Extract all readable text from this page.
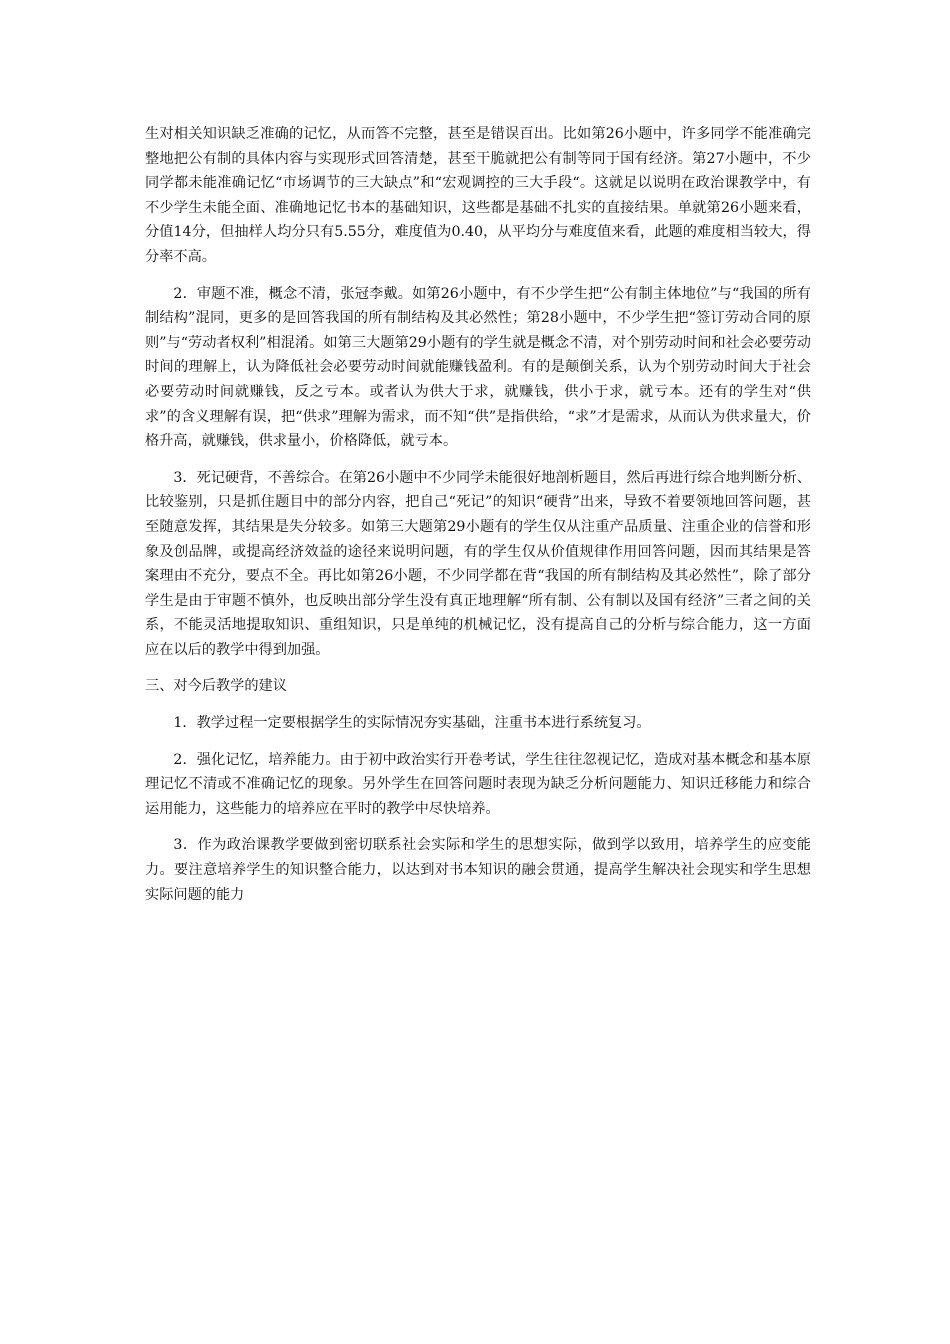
生对相关知识缺乏准确的记忆，从而答不完整，甚至是错误百出。比如第26小题中，许多同学不能准确完整地把公有制的具体内容与实现形式回答清楚，甚至干脆就把公有制等同于国有经济。第27小题中，不少同学都未能准确记忆“市场调节的三大缺点”和“宏观调控的三大手段“。这就足以说明在政治课教学中，有不少学生未能全面、准确地记忆书本的基础知识，这些都是基础不扎实的直接结果。单就第26小题来看，分值14分，但抽样人均分只有5.55分，难度值为0.40，从平均分与难度值来看，此题的难度相当较大，得分率不高。

2．审题不准，概念不清，张冠李戴。如第26小题中，有不少学生把“公有制主体地位”与“我国的所有制结构”混同，更多的是回答我国的所有制结构及其必然性；第28小题中，不少学生把“签订劳动合同的原则”与“劳动者权利”相混淆。如第三大题第29小题有的学生就是概念不清，对个别劳动时间和社会必要劳动时间的理解上，认为降低社会必要劳动时间就能赚钱盈利。有的是颠倒关系，认为个别劳动时间大于社会必要劳动时间就赚钱，反之亏本。或者认为供大于求，就赚钱，供小于求，就亏本。还有的学生对“供求”的含义理解有误，把“供求”理解为需求，而不知“供”是指供给，“求”才是需求，从而认为供求量大，价格升高，就赚钱，供求量小，价格降低，就亏本。

3．死记硬背，不善综合。在第26小题中不少同学未能很好地剖析题目，然后再进行综合地判断分析、比较鉴别，只是抓住题目中的部分内容，把自己“死记”的知识“硬背”出来，导致不着要领地回答问题，甚至随意发挥，其结果是失分较多。如第三大题第29小题有的学生仅从注重产品质量、注重企业的信誉和形象及创品牌，或提高经济效益的途径来说明问题，有的学生仅从价值规律作用回答问题，因而其结果是答案理由不充分，要点不全。再比如第26小题，不少同学都在背“我国的所有制结构及其必然性”，除了部分学生是由于审题不慎外，也反映出部分学生没有真正地理解“所有制、公有制以及国有经济”三者之间的关系，不能灵活地提取知识、重组知识，只是单纯的机械记忆，没有提高自己的分析与综合能力，这一方面应在以后的教学中得到加强。

三、对今后教学的建议

1．教学过程一定要根据学生的实际情况夯实基础，注重书本进行系统复习。

2．强化记忆，培养能力。由于初中政治实行开卷考试，学生往往忽视记忆，造成对基本概念和基本原理记忆不清或不准确记忆的现象。另外学生在回答问题时表现为缺乏分析问题能力、知识迁移能力和综合运用能力，这些能力的培养应在平时的教学中尽快培养。

3．作为政治课教学要做到密切联系社会实际和学生的思想实际，做到学以致用，培养学生的应变能力。要注意培养学生的知识整合能力，以达到对书本知识的融会贯通，提高学生解决社会现实和学生思想实际问题的能力
